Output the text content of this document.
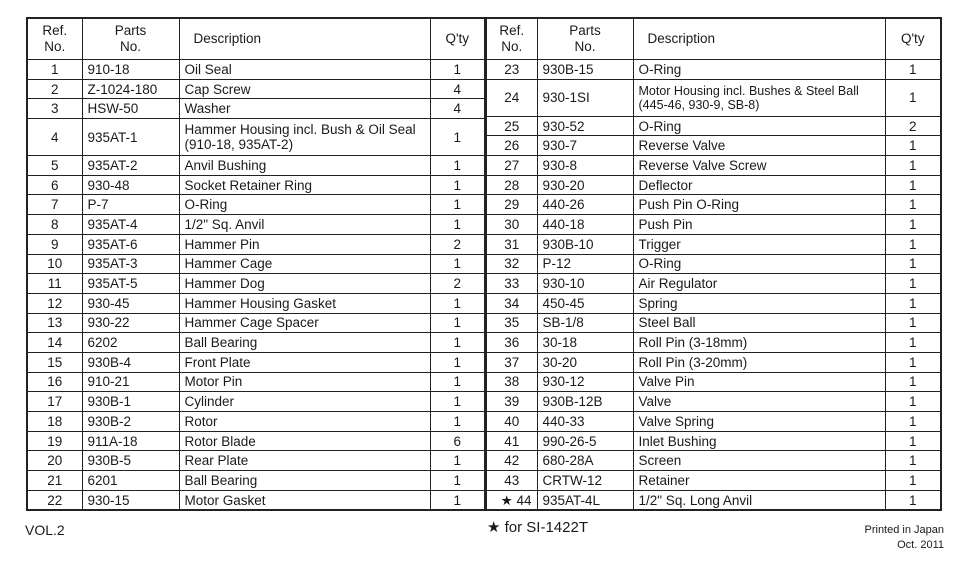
Ref.
No.	Parts
No.	Description	Q'ty
1	910-18	Oil Seal	1
2	Z-1024-180	Cap Screw	4
3	HSW-50	Washer	4
4	935AT-1	Hammer Housing incl. Bush & Oil Seal (910-18, 935AT-2)	1
5	935AT-2	Anvil Bushing	1
6	930-48	Socket Retainer Ring	1
7	P-7	O-Ring	1
8	935AT-4	1/2" Sq. Anvil	1
9	935AT-6	Hammer Pin	2
10	935AT-3	Hammer Cage	1
11	935AT-5	Hammer Dog	2
12	930-45	Hammer Housing Gasket	1
13	930-22	Hammer Cage Spacer	1
14	6202	Ball Bearing	1
15	930B-4	Front Plate	1
16	910-21	Motor Pin	1
17	930B-1	Cylinder	1
18	930B-2	Rotor	1
19	911A-18	Rotor Blade	6
20	930B-5	Rear Plate	1
21	6201	Ball Bearing	1
22	930-15	Motor Gasket	1
Ref.
No.	Parts
No.	Description	Q'ty
23	930B-15	O-Ring	1
24	930-1SI	Motor Housing incl. Bushes & Steel Ball (445-46, 930-9, SB-8)	1
25	930-52	O-Ring	2
26	930-7	Reverse Valve	1
27	930-8	Reverse Valve Screw	1
28	930-20	Deflector	1
29	440-26	Push Pin O-Ring	1
30	440-18	Push Pin	1
31	930B-10	Trigger	1
32	P-12	O-Ring	1
33	930-10	Air Regulator	1
34	450-45	Spring	1
35	SB-1/8	Steel Ball	1
36	30-18	Roll Pin (3-18mm)	1
37	30-20	Roll Pin (3-20mm)	1
38	930-12	Valve Pin	1
39	930B-12B	Valve	1
40	440-33	Valve Spring	1
41	990-26-5	Inlet Bushing	1
42	680-28A	Screen	1
43	CRTW-12	Retainer	1
★ 44	935AT-4L	1/2" Sq. Long Anvil	1
VOL.2	★ for SI-1422T	Printed in Japan
Oct. 2011
